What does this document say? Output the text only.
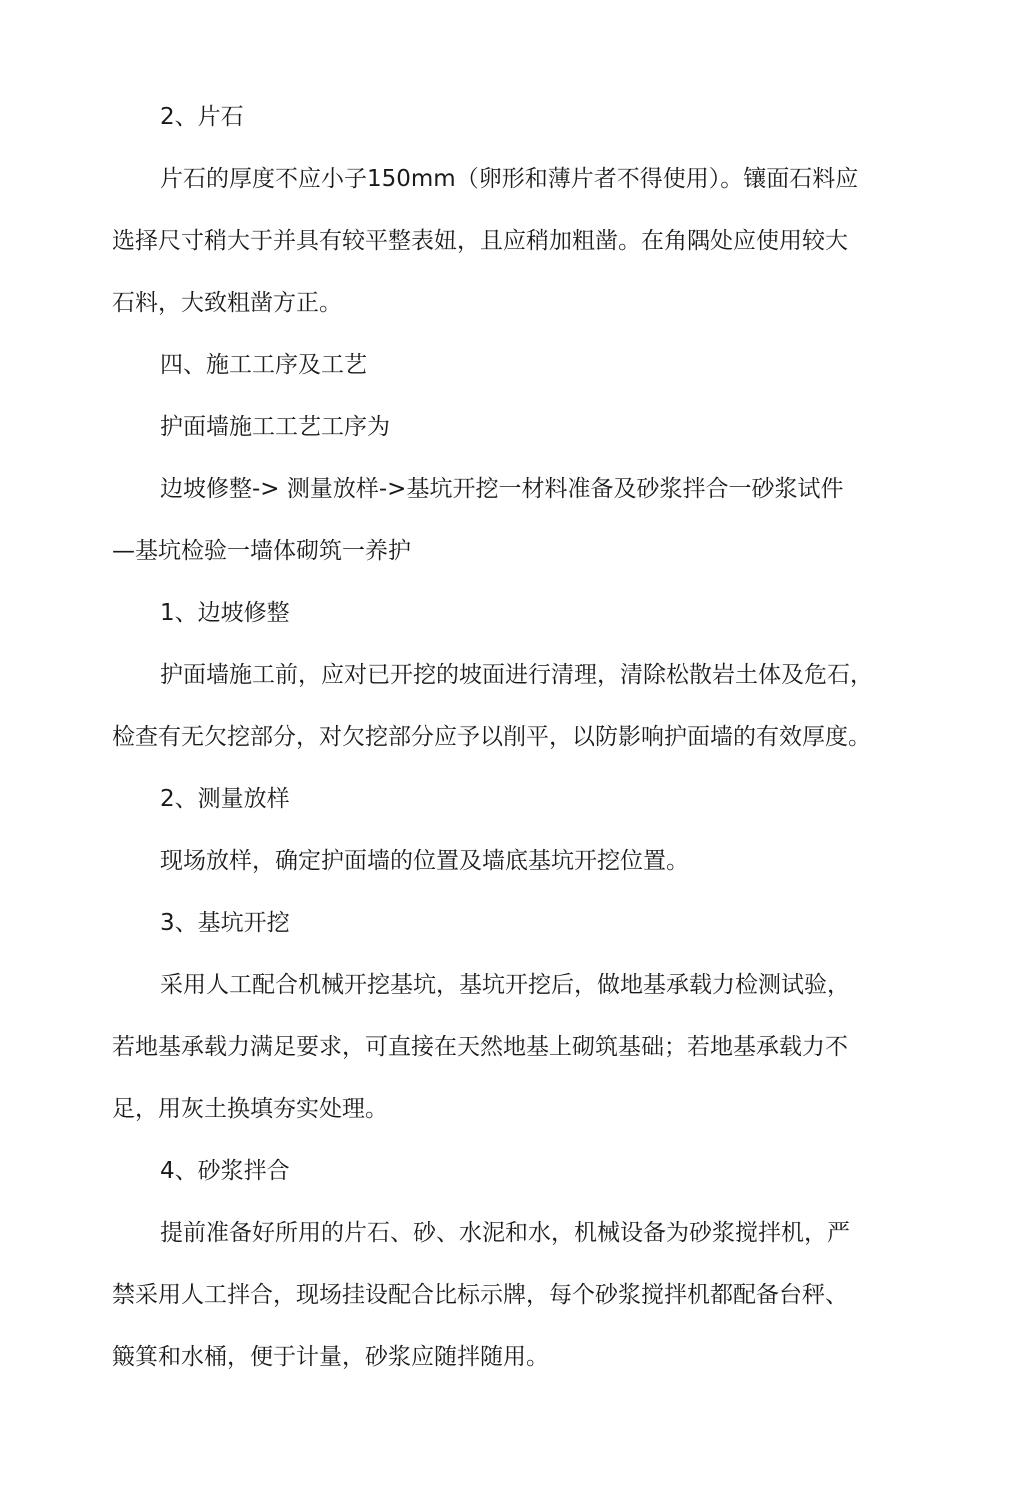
2、片石

片石的厚度不应小子150mm（卵形和薄片者不得使用）。镶面石料应

选择尺寸稍大于并具有较平整表妞，且应稍加粗凿。在角隅处应使用较大

石料，大致粗凿方正。

四、施工工序及工艺

护面墙施工工艺工序为

边坡修整-> 测量放样->基坑开挖一材料准备及砂浆拌合一砂浆试件

—基坑检验一墙体砌筑一养护

1、边坡修整

护面墙施工前，应对已开挖的坡面进行清理，清除松散岩土体及危石，

检查有无欠挖部分，对欠挖部分应予以削平，以防影响护面墙的有效厚度。

2、测量放样

现场放样，确定护面墙的位置及墙底基坑开挖位置。

3、基坑开挖

采用人工配合机械开挖基坑，基坑开挖后，做地基承载力检测试验，

若地基承载力满足要求，可直接在天然地基上砌筑基础；若地基承载力不

足，用灰土换填夯实处理。

4、砂浆拌合

提前准备好所用的片石、砂、水泥和水，机械设备为砂浆搅拌机，严

禁采用人工拌合，现场挂设配合比标示牌，每个砂浆搅拌机都配备台秤、

簸箕和水桶，便于计量，砂浆应随拌随用。
